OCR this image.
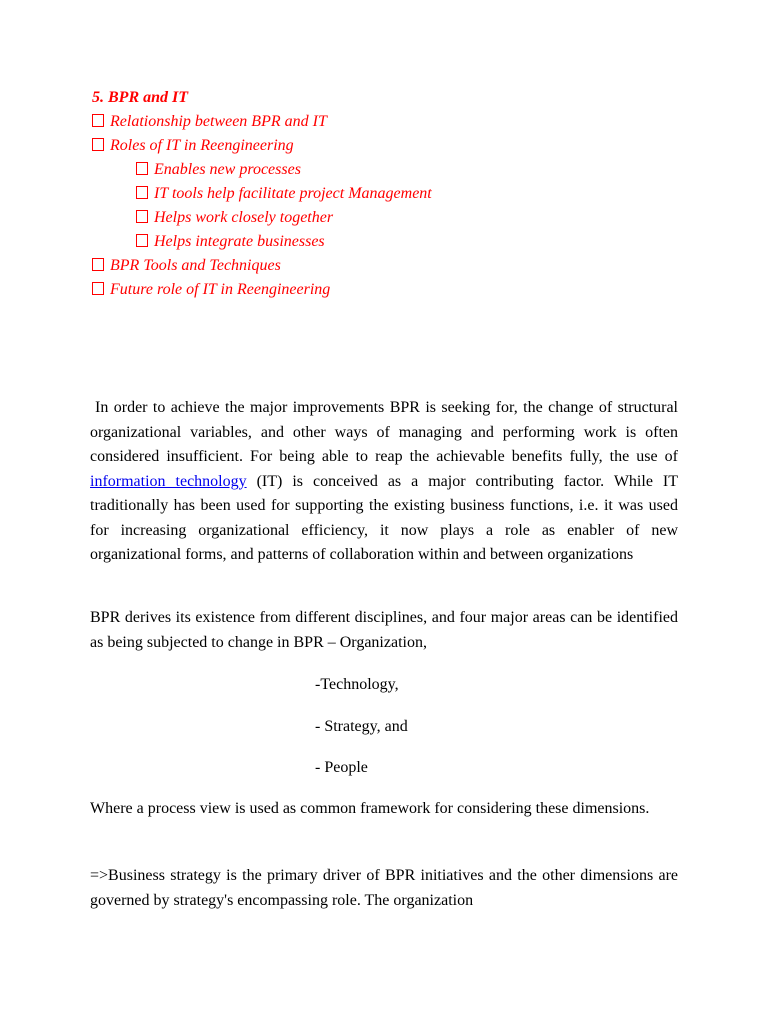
5. BPR and IT
Relationship between BPR and IT
Roles of IT in Reengineering
Enables new processes
IT tools help facilitate project Management
Helps work closely together
Helps integrate businesses
BPR Tools and Techniques
Future role of IT in Reengineering

In order to achieve the major improvements BPR is seeking for, the change of structural organizational variables, and other ways of managing and performing work is often considered insufficient. For being able to reap the achievable benefits fully, the use of information technology (IT) is conceived as a major contributing factor. While IT traditionally has been used for supporting the existing business functions, i.e. it was used for increasing organizational efficiency, it now plays a role as enabler of new organizational forms, and patterns of collaboration within and between organizations

BPR derives its existence from different disciplines, and four major areas can be identified as being subjected to change in BPR – Organization,

-Technology,

- Strategy, and

- People

Where a process view is used as common framework for considering these dimensions.

=>Business strategy is the primary driver of BPR initiatives and the other dimensions are governed by strategy's encompassing role. The organization
